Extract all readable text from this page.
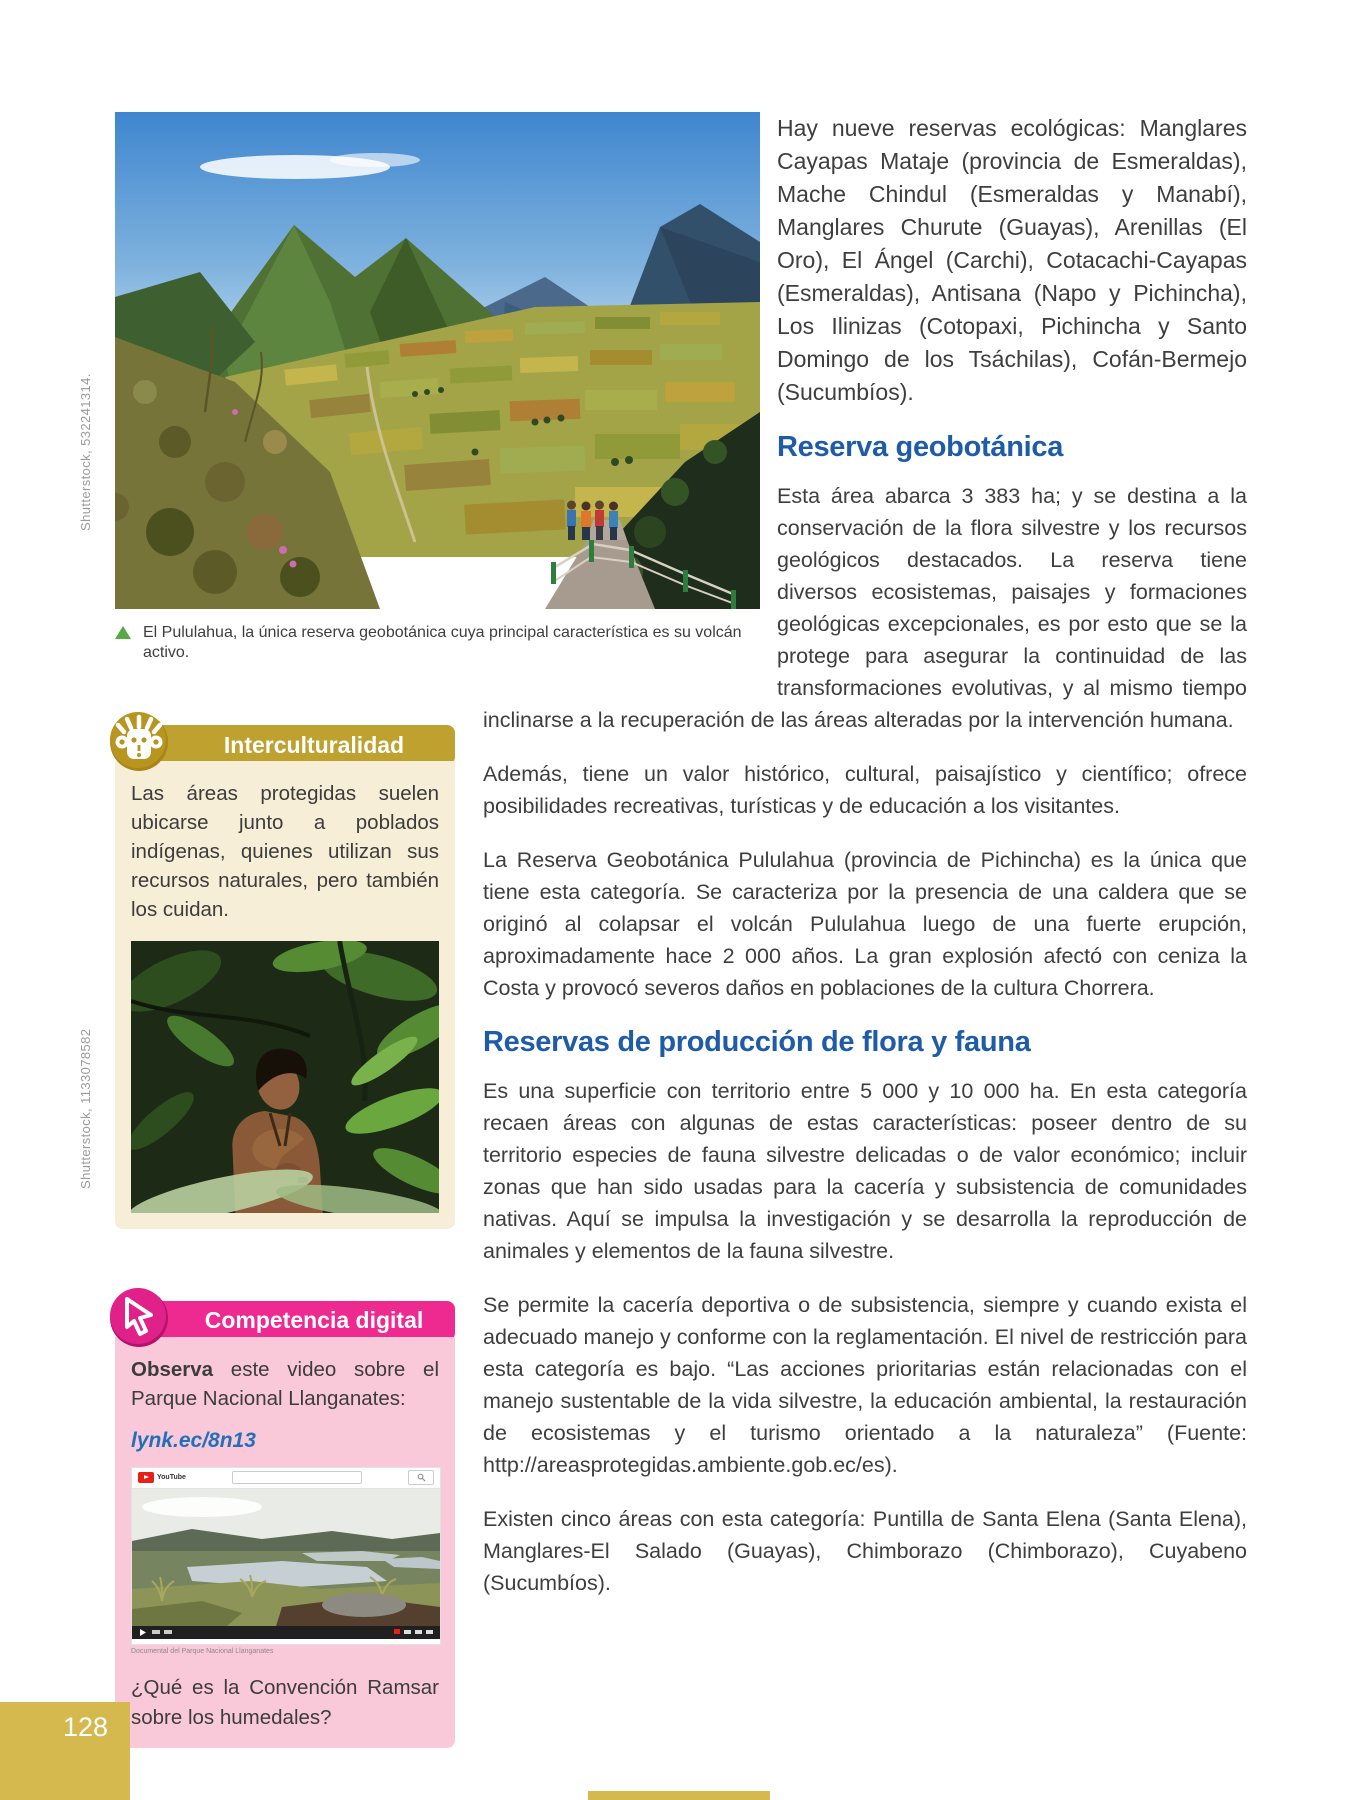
Shutterstock, 532241314.
Shutterstock, 1133078582
El Pululahua, la única reserva geobotánica cuya principal característica es su volcán activo.
Interculturalidad

Las áreas protegidas suelen ubicarse junto a poblados indígenas, quienes utilizan sus recursos naturales, pero también los cuidan.

Competencia digital

Observa este video sobre el Parque Nacional Llanganates:

lynk.ec/8n13
YouTube
Documental del Parque Nacional Llanganates

¿Qué es la Convención Ramsar sobre los humedales?

Hay nueve reservas ecológicas: Manglares Cayapas Mataje (provincia de Esmeraldas), Mache Chindul (Esmeraldas y Manabí), Manglares Churute (Guayas), Arenillas (El Oro), El Ángel (Carchi), Cotacachi-Cayapas (Esmeraldas), Antisana (Napo y Pichincha), Los Ilinizas (Cotopaxi, Pichincha y Santo Domingo de los Tsáchilas), Cofán-Bermejo (Sucumbíos).

Reserva geobotánica

Esta área abarca 3 383 ha; y se destina a la conservación de la flora silvestre y los recursos geológicos destacados. La reserva tiene diversos ecosistemas, paisajes y formaciones geológicas excepcionales, es por esto que se la protege para asegurar la continuidad de las transformaciones evolutivas, y al mismo tiempo inclinarse a la recuperación de las áreas alteradas por la intervención humana.

Además, tiene un valor histórico, cultural, paisajístico y científico; ofrece posibilidades recreativas, turísticas y de educación a los visitantes.

La Reserva Geobotánica Pululahua (provincia de Pichincha) es la única que tiene esta categoría. Se caracteriza por la presencia de una caldera que se originó al colapsar el volcán Pululahua luego de una fuerte erupción, aproximadamente hace 2 000 años. La gran explosión afectó con ceniza la Costa y provocó severos daños en poblaciones de la cultura Chorrera.

Reservas de producción de flora y fauna

Es una superficie con territorio entre 5 000 y 10 000 ha. En esta categoría recaen áreas con algunas de estas características: poseer dentro de su territorio especies de fauna silvestre delicadas o de valor económico; incluir zonas que han sido usadas para la cacería y subsistencia de comunidades nativas. Aquí se impulsa la investigación y se desarrolla la reproducción de animales y elementos de la fauna silvestre.

Se permite la cacería deportiva o de subsistencia, siempre y cuando exista el adecuado manejo y conforme con la reglamentación. El nivel de restricción para esta categoría es bajo. “Las acciones prioritarias están relacionadas con el manejo sustentable de la vida silvestre, la educación ambiental, la restauración de ecosistemas y el turismo orientado a la naturaleza” (Fuente: http://areasprotegidas.ambiente.gob.ec/es).

Existen cinco áreas con esta categoría: Puntilla de Santa Elena (Santa Elena), Manglares-El Salado (Guayas), Chimborazo (Chimborazo), Cuyabeno (Sucumbíos).

128
